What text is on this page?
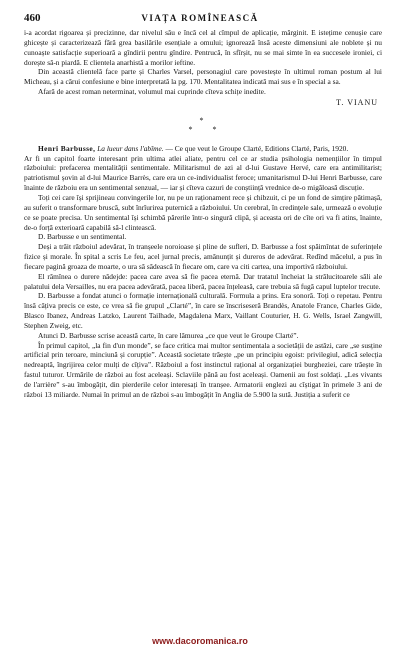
460	VIAȚA ROMÎNEASCĂ

i-a acordat rigoarea și precizinne, dar nivelul său e încă cel al cîmpul de aplicație, mărginit. E istețime cenușie care ghicește și caracterizează fără grea basilările esențiale a omului; ignorează însă aceste dimensiuni ale noblete și nu cunoaște satisfacție superioară a gîndirii pentru gîndire. Pentrucă, în sfîrșit, nu se mai simte în ea succesele ironiei, ci dorește să-n piardă. E clientela anarhistă a morilor ieftine.

Din această clientelă face parte și Charles Varsel, personagiul care povestește în ultimul roman postum al lui Micheau, și a cărui confesiune e bine interpretată la pg. 170. Mentalitatea indicată mai sus e în special a sa.

Afară de acest roman neterminat, volumul mai cuprinde cîteva schițe inedite.

T. VIANU
*
* *

Henri Barbusse, La lueur dans l'abîme. — Ce que veut le Groupe Clarté, Editions Clarté, Paris, 1920.

Ar fi un capitol foarte interesant prin ultima atlei aliate, pentru cel ce ar studia psihologia nemențiilor în timpul războiului: prefacerea mentalității sentimentale. Militarismul de azi al d-lui Gustave Hervé, care era antimilitarist; patriotismul șovin al d-lui Maurice Barrès, care era un ce-individualist feroce; umanitarismul D-lui Henri Barbusse, care înainte de războiu era un sentimental senzual, — iar și cîteva cazuri de conștiință vrednice de-o migăloasă discuție.

Toți cei care își sprijineau convingerile lor, nu pe un raționament rece și chibzuit, ci pe un fond de simțire pătimașă, au suferit o transformare bruscă, subt înrîurirea puternică a războiului. Un cerebral, în credințele sale, urmează o evoluție ce se poate precisa. Un sentimental își schimbă părerile într-o singură clipă, și aceasta ori de cîte ori va fi atins, înainte, de-o forță exterioară capabilă să-l clintească.

D. Barbusse e un sentimental.

Deși a trăit războiul adevărat, în tranșeele noroioase și pline de sufleri, D. Barbusse a fost spăimîntat de suferințele fizice și morale. În spital a scris Le feu, acel jurnal precis, amănunțit și dureros de adevărat. Redînd măcelul, a pus în fiecare pagină groaza de moarte, o ura să sădească în fiecare om, care va citi cartea, una importivă războiului.

El rămînea o durere nădejde: pacea care avea să fie pacea eternă. Dar tratatul încheiat la strălucitoarele săli ale palatului dela Versailles, nu era pacea adevărată, pacea liberă, pacea înțeleasă, care trebuia să fugă capul luptelor trecute.

D. Barbusse a fondat atunci o formație internațională culturală. Formula a prins. Era sonoră. Toți o repetau. Pentru însă câțiva precis ce este, ce vrea să fie grupul „Clarté”, în care se înscriseseră Brandès, Anatole France, Charles Gide, Blasco Ibanez, Andreas Latzko, Laurent Tailhade, Magdalena Marx, Vaillant Couturier, H. G. Wells, Israel Zangwill, Stephen Zweig, etc.

Atunci D. Barbusse scrise această carte, în care lămurea „ce que veut le Groupe Clarté”.

În primul capitol, „la fin d'un monde”, se face critica mai multor sentimentala a societății de astăzi, care „se susține artificial prin teroare, minciună și corupție”. Această societate trăește „pe un principiu egoist: privilegiul, adică selecția nedreaptă, îngrijirea celor mulți de cîțiva”. Războiul a fost instinctul rațional al organizației burgheziei, care trăește în fastul tuturor. Urmările de război au fost aceleași. Sclaviile până au fost aceleași. Oamenii au fost soldați. „Les vivants de l'arrière” s-au îmbogățit, din pierderile celor interesați în tranșee. Armatorii englezi au cîștigat în primele 3 ani de război 13 miliarde. Numai în primul an de război s-au îmbogățit în Anglia de 5.900 la sută. Justiția a suferit ce

www.dacoromanica.ro
